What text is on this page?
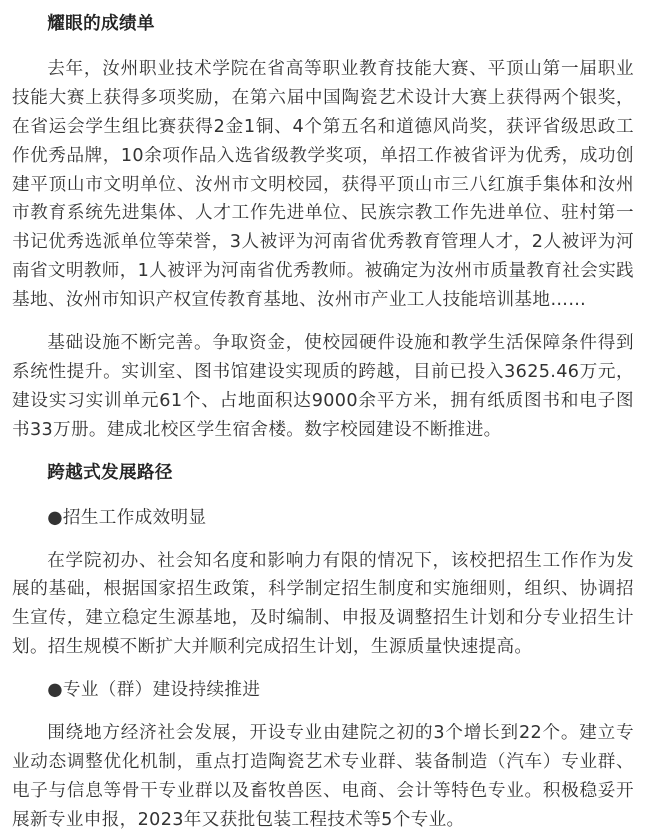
耀眼的成绩单

去年，汝州职业技术学院在省高等职业教育技能大赛、平顶山第一届职业技能大赛上获得多项奖励，在第六届中国陶瓷艺术设计大赛上获得两个银奖，在省运会学生组比赛获得2金1铜、4个第五名和道德风尚奖，获评省级思政工作优秀品牌，10余项作品入选省级教学奖项，单招工作被省评为优秀，成功创建平顶山市文明单位、汝州市文明校园，获得平顶山市三八红旗手集体和汝州市教育系统先进集体、人才工作先进单位、民族宗教工作先进单位、驻村第一书记优秀选派单位等荣誉，3人被评为河南省优秀教育管理人才，2人被评为河南省文明教师，1人被评为河南省优秀教师。被确定为汝州市质量教育社会实践基地、汝州市知识产权宣传教育基地、汝州市产业工人技能培训基地……

基础设施不断完善。争取资金，使校园硬件设施和教学生活保障条件得到系统性提升。实训室、图书馆建设实现质的跨越，目前已投入3625.46万元，建设实习实训单元61个、占地面积达9000余平方米，拥有纸质图书和电子图书33万册。建成北校区学生宿舍楼。数字校园建设不断推进。

跨越式发展路径

●招生工作成效明显

在学院初办、社会知名度和影响力有限的情况下，该校把招生工作作为发展的基础，根据国家招生政策，科学制定招生制度和实施细则，组织、协调招生宣传，建立稳定生源基地，及时编制、申报及调整招生计划和分专业招生计划。招生规模不断扩大并顺利完成招生计划，生源质量快速提高。

●专业（群）建设持续推进

围绕地方经济社会发展，开设专业由建院之初的3个增长到22个。建立专业动态调整优化机制，重点打造陶瓷艺术专业群、装备制造（汽车）专业群、电子与信息等骨干专业群以及畜牧兽医、电商、会计等特色专业。积极稳妥开展新专业申报，2023年又获批包装工程技术等5个专业。
